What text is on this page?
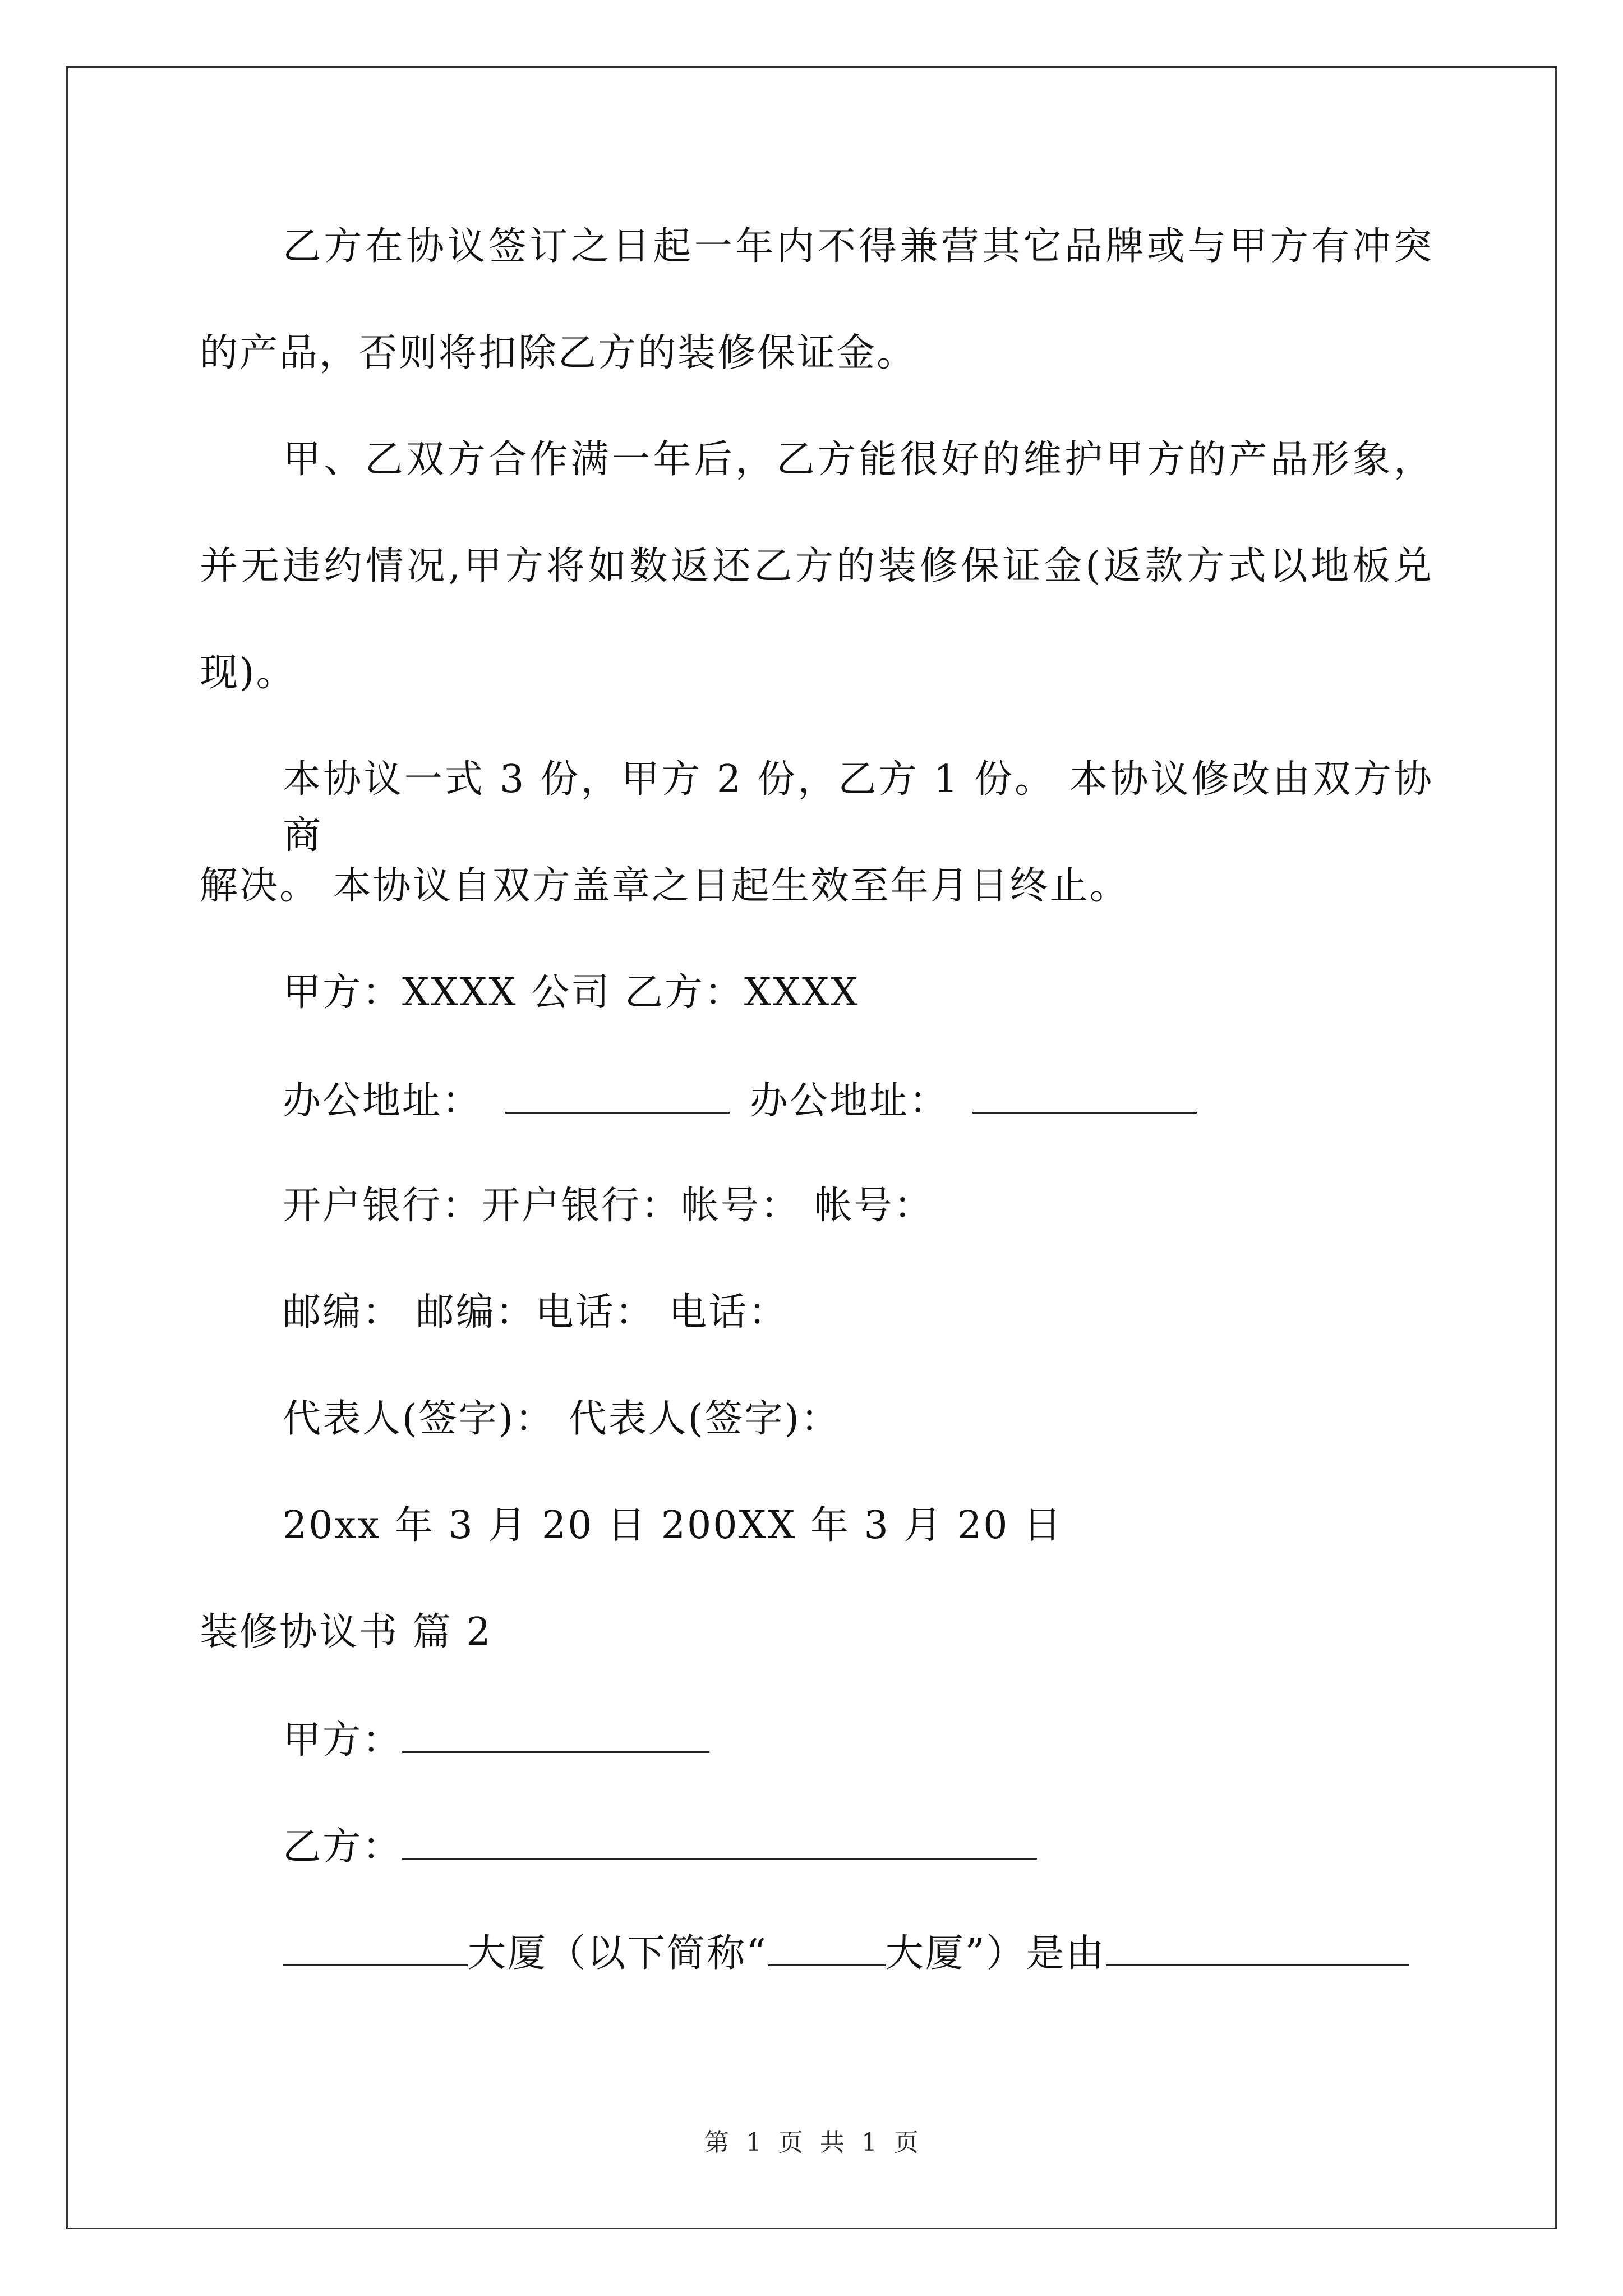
乙方在协议签订之日起一年内不得兼营其它品牌或与甲方有冲突
的产品，否则将扣除乙方的装修保证金。
甲、乙双方合作满一年后，乙方能很好的维护甲方的产品形象，
并无违约情况,甲方将如数返还乙方的装修保证金(返款方式以地板兑
现)。
本协议一式 3 份，甲方 2 份，乙方 1 份。 本协议修改由双方协商
解决。 本协议自双方盖章之日起生效至年月日终止。
甲方：XXXX 公司 乙方：XXXX
办公地址：	办公地址：
开户银行：开户银行：帐号： 帐号：
邮编： 邮编：电话： 电话：
代表人(签字)： 代表人(签字)：
20xx 年 3 月 20 日 200XX 年 3 月 20 日
装修协议书 篇 2
甲方：
乙方：
大厦（以下简称“	大厦”）是由
第 1 页 共 1 页
